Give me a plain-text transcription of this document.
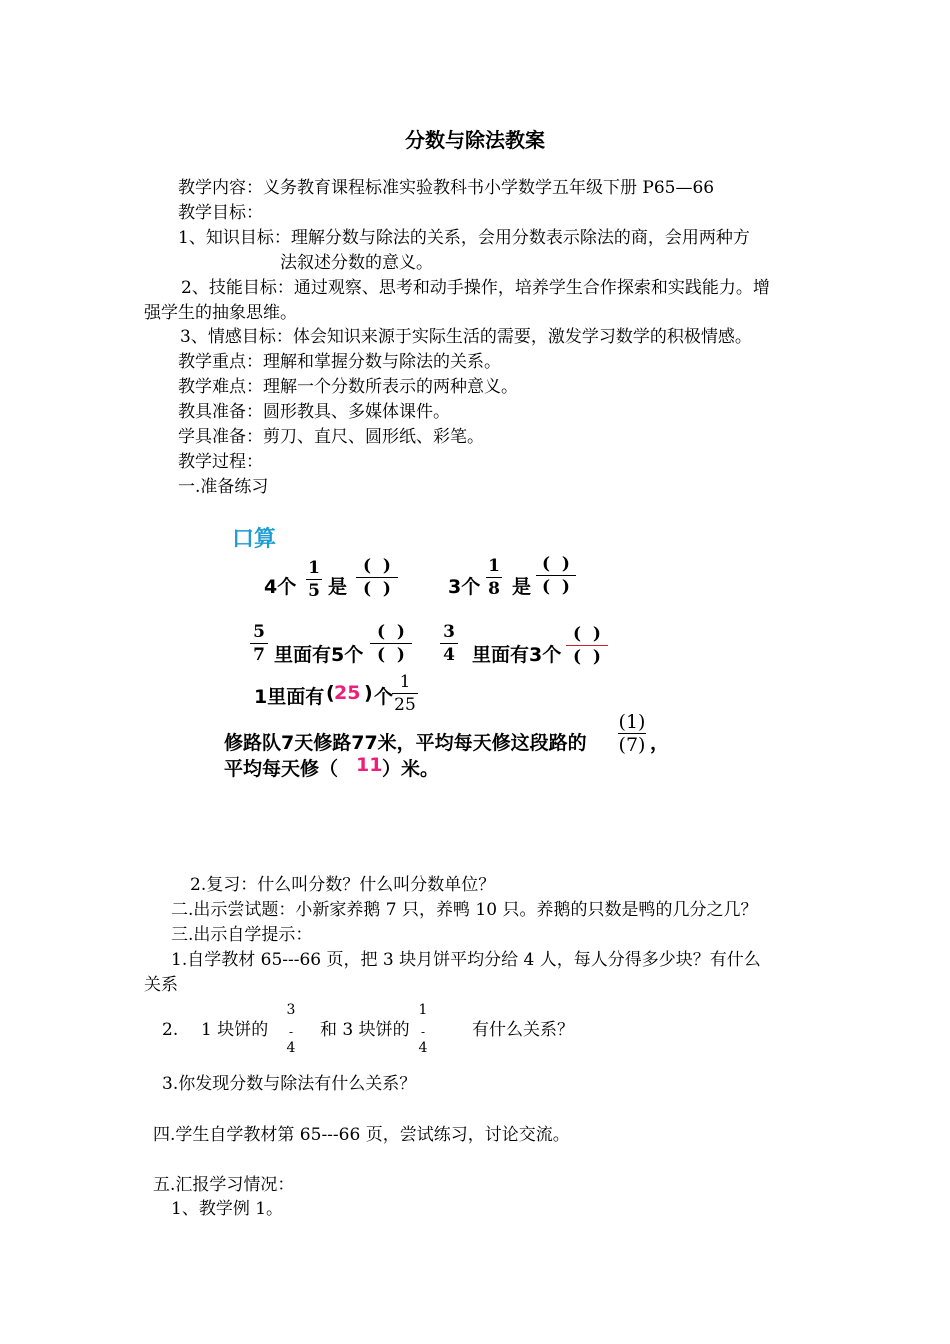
分数与除法教案
教学内容：义务教育课程标准实验教科书小学数学五年级下册 P65—66
教学目标：
1、知识目标：理解分数与除法的关系，会用分数表示除法的商，会用两种方
法叙述分数的意义。
2、技能目标：通过观察、思考和动手操作，培养学生合作探索和实践能力。增
强学生的抽象思维。
3、情感目标：体会知识来源于实际生活的需要，激发学习数学的积极情感。
教学重点：理解和掌握分数与除法的关系。
教学难点：理解一个分数所表示的两种意义。
教具准备：圆形教具、多媒体课件。
学具准备：剪刀、直尺、圆形纸、彩笔。
教学过程：
一.准备练习
口算
4个
1
5 是
( )
( )	3个
1
8 是
( )
( )
5
7 里面有5个
( )
( )
3
4 里面有3个
( )
( )
1里面有 ( 25 ) 个
1
25
修路队7天修路77米，平均每天修这段路的
(1)
(7) ，
平均每天修（ 11 ）米。
2.复习：什么叫分数？什么叫分数单位？
二.出示尝试题：小新家养鹅 7 只，养鸭 10 只。养鹅的只数是鸭的几分之几？
三.出示自学提示：
1.自学教材 65---66 页，把 3 块月饼平均分给 4 人，每人分得多少块？有什么
关系
2. 1 块饼的
3
-
4
和 3 块饼的
1
-
4
有什么关系？
3.你发现分数与除法有什么关系？
四.学生自学教材第 65---66 页，尝试练习，讨论交流。
五.汇报学习情况：
1、教学例 1。
